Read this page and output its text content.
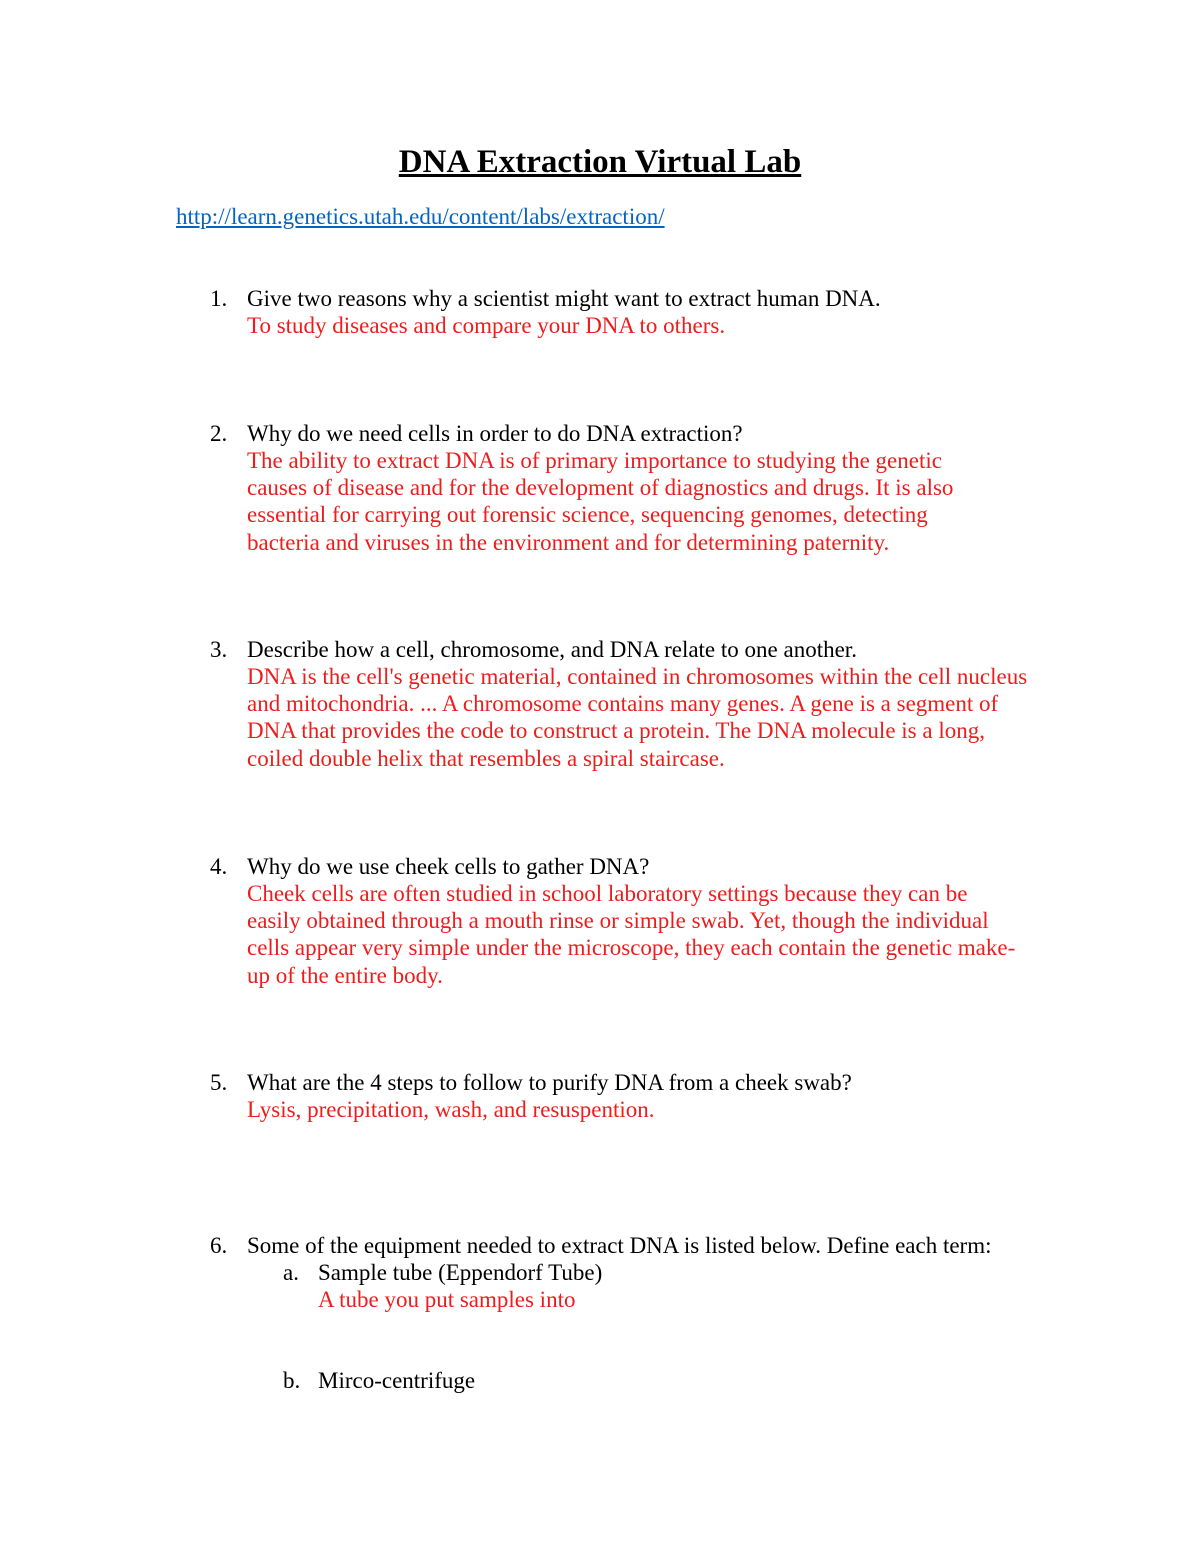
DNA Extraction Virtual Lab
http://learn.genetics.utah.edu/content/labs/extraction/
1. Give two reasons why a scientist might want to extract human DNA.
To study diseases and compare your DNA to others.
2. Why do we need cells in order to do DNA extraction?
The ability to extract DNA is of primary importance to studying the genetic causes of disease and for the development of diagnostics and drugs. It is also essential for carrying out forensic science, sequencing genomes, detecting bacteria and viruses in the environment and for determining paternity.
3. Describe how a cell, chromosome, and DNA relate to one another.
DNA is the cell's genetic material, contained in chromosomes within the cell nucleus and mitochondria. ... A chromosome contains many genes. A gene is a segment of DNA that provides the code to construct a protein. The DNA molecule is a long, coiled double helix that resembles a spiral staircase.
4. Why do we use cheek cells to gather DNA?
Cheek cells are often studied in school laboratory settings because they can be easily obtained through a mouth rinse or simple swab. Yet, though the individual cells appear very simple under the microscope, they each contain the genetic make-up of the entire body.
5. What are the 4 steps to follow to purify DNA from a cheek swab?
Lysis, precipitation, wash, and resuspention.
6. Some of the equipment needed to extract DNA is listed below. Define each term:
a. Sample tube (Eppendorf Tube)
A tube you put samples into
b. Mirco-centrifuge
